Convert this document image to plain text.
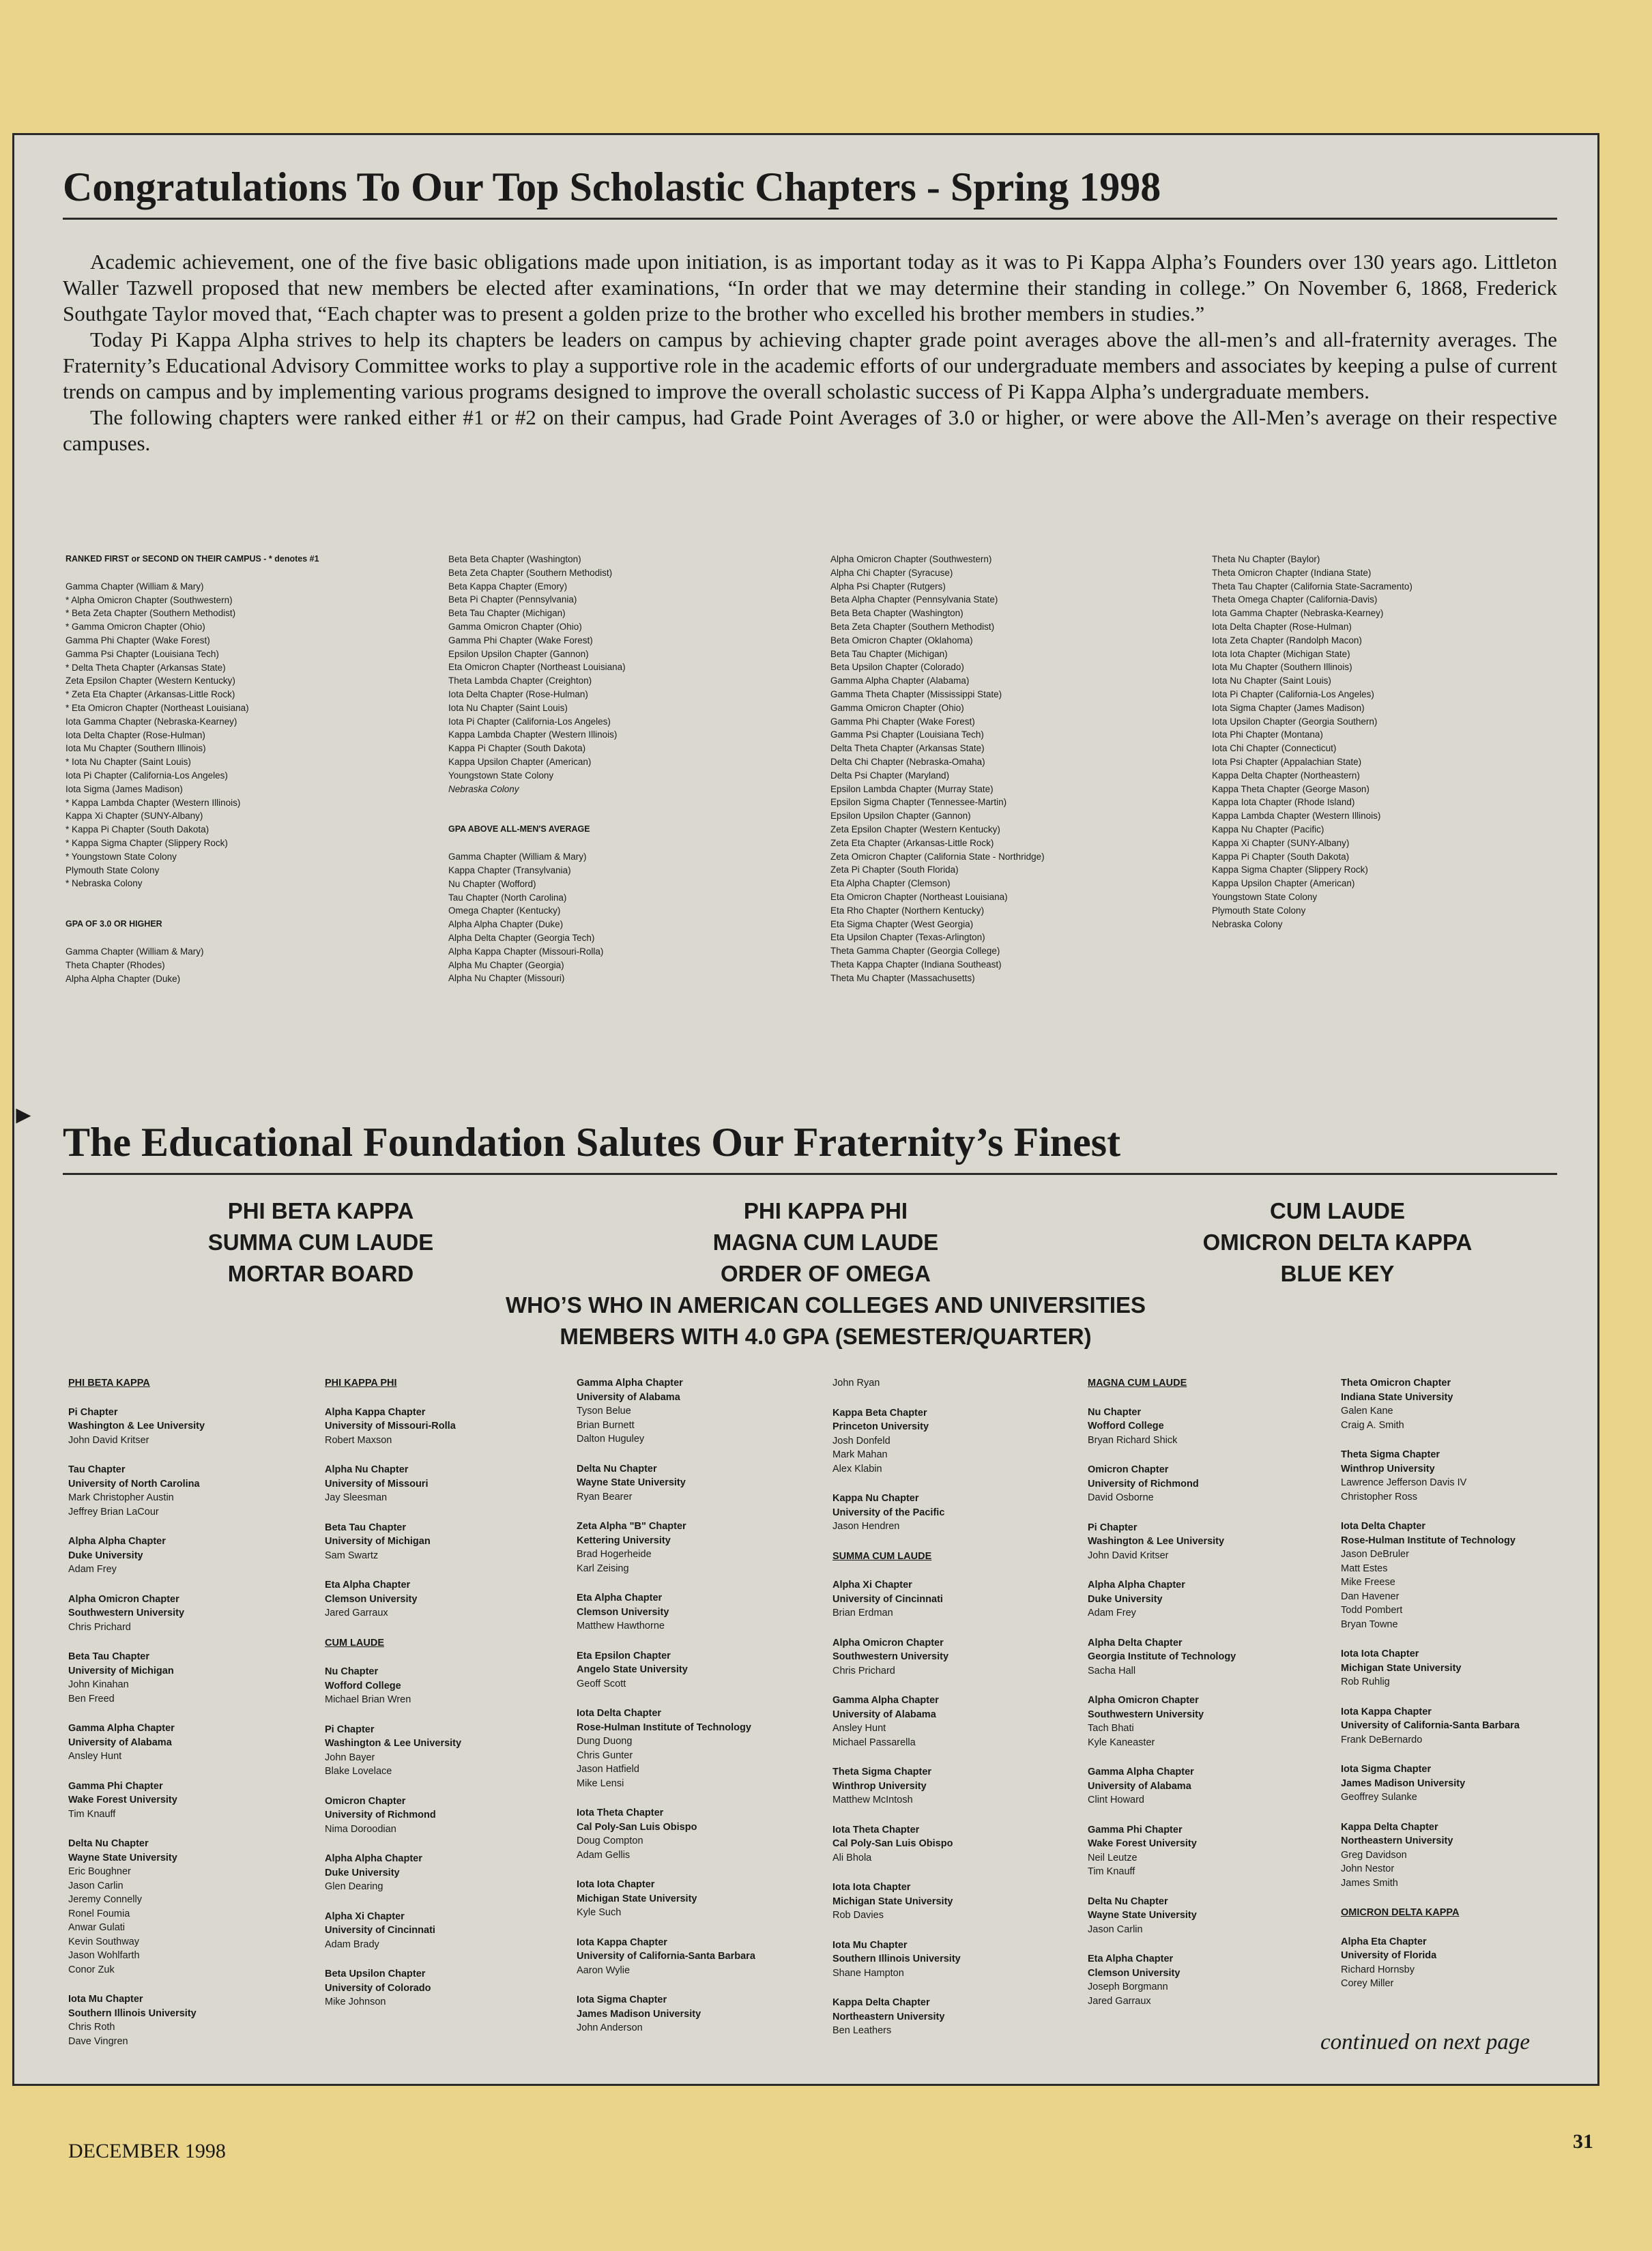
Congratulations To Our Top Scholastic Chapters - Spring 1998

Academic achievement, one of the five basic obligations made upon initiation, is as important today as it was to Pi Kappa Alpha’s Founders over 130 years ago. Littleton Waller Tazwell proposed that new members be elected after examinations, “In order that we may determine their standing in college.” On November 6, 1868, Frederick Southgate Taylor moved that, “Each chapter was to present a golden prize to the brother who excelled his brother members in studies.”

Today Pi Kappa Alpha strives to help its chapters be leaders on campus by achieving chapter grade point averages above the all-men’s and all-fraternity averages. The Fraternity’s Educational Advisory Committee works to play a supportive role in the academic efforts of our undergraduate members and associates by keeping a pulse of current trends on campus and by implementing various programs designed to improve the overall scholastic success of Pi Kappa Alpha’s undergraduate members.

The following chapters were ranked either #1 or #2 on their campus, had Grade Point Averages of 3.0 or higher, or were above the All-Men’s average on their respective campuses.

RANKED FIRST or SECOND ON THEIR CAMPUS - * denotes #1
Gamma Chapter (William & Mary)
* Alpha Omicron Chapter (Southwestern)
* Beta Zeta Chapter (Southern Methodist)
* Gamma Omicron Chapter (Ohio)
Gamma Phi Chapter (Wake Forest)
Gamma Psi Chapter (Louisiana Tech)
* Delta Theta Chapter (Arkansas State)
Zeta Epsilon Chapter (Western Kentucky)
* Zeta Eta Chapter (Arkansas-Little Rock)
* Eta Omicron Chapter (Northeast Louisiana)
Iota Gamma Chapter (Nebraska-Kearney)
Iota Delta Chapter (Rose-Hulman)
Iota Mu Chapter (Southern Illinois)
* Iota Nu Chapter (Saint Louis)
Iota Pi Chapter (California-Los Angeles)
Iota Sigma (James Madison)
* Kappa Lambda Chapter (Western Illinois)
Kappa Xi Chapter (SUNY-Albany)
* Kappa Pi Chapter (South Dakota)
* Kappa Sigma Chapter (Slippery Rock)
* Youngstown State Colony
Plymouth State Colony
* Nebraska Colony
GPA OF 3.0 OR HIGHER
Gamma Chapter (William & Mary)
Theta Chapter (Rhodes)
Alpha Alpha Chapter (Duke)
Beta Beta Chapter (Washington)
Beta Zeta Chapter (Southern Methodist)
Beta Kappa Chapter (Emory)
Beta Pi Chapter (Pennsylvania)
Beta Tau Chapter (Michigan)
Gamma Omicron Chapter (Ohio)
Gamma Phi Chapter (Wake Forest)
Epsilon Upsilon Chapter (Gannon)
Eta Omicron Chapter (Northeast Louisiana)
Theta Lambda Chapter (Creighton)
Iota Delta Chapter (Rose-Hulman)
Iota Nu Chapter (Saint Louis)
Iota Pi Chapter (California-Los Angeles)
Kappa Lambda Chapter (Western Illinois)
Kappa Pi Chapter (South Dakota)
Kappa Upsilon Chapter (American)
Youngstown State Colony
Nebraska Colony
GPA ABOVE ALL-MEN'S AVERAGE
Gamma Chapter (William & Mary)
Kappa Chapter (Transylvania)
Nu Chapter (Wofford)
Tau Chapter (North Carolina)
Omega Chapter (Kentucky)
Alpha Alpha Chapter (Duke)
Alpha Delta Chapter (Georgia Tech)
Alpha Kappa Chapter (Missouri-Rolla)
Alpha Mu Chapter (Georgia)
Alpha Nu Chapter (Missouri)
Alpha Omicron Chapter (Southwestern)
Alpha Chi Chapter (Syracuse)
Alpha Psi Chapter (Rutgers)
Beta Alpha Chapter (Pennsylvania State)
Beta Beta Chapter (Washington)
Beta Zeta Chapter (Southern Methodist)
Beta Omicron Chapter (Oklahoma)
Beta Tau Chapter (Michigan)
Beta Upsilon Chapter (Colorado)
Gamma Alpha Chapter (Alabama)
Gamma Theta Chapter (Mississippi State)
Gamma Omicron Chapter (Ohio)
Gamma Phi Chapter (Wake Forest)
Gamma Psi Chapter (Louisiana Tech)
Delta Theta Chapter (Arkansas State)
Delta Chi Chapter (Nebraska-Omaha)
Delta Psi Chapter (Maryland)
Epsilon Lambda Chapter (Murray State)
Epsilon Sigma Chapter (Tennessee-Martin)
Epsilon Upsilon Chapter (Gannon)
Zeta Epsilon Chapter (Western Kentucky)
Zeta Eta Chapter (Arkansas-Little Rock)
Zeta Omicron Chapter (California State - Northridge)
Zeta Pi Chapter (South Florida)
Eta Alpha Chapter (Clemson)
Eta Omicron Chapter (Northeast Louisiana)
Eta Rho Chapter (Northern Kentucky)
Eta Sigma Chapter (West Georgia)
Eta Upsilon Chapter (Texas-Arlington)
Theta Gamma Chapter (Georgia College)
Theta Kappa Chapter (Indiana Southeast)
Theta Mu Chapter (Massachusetts)
Theta Nu Chapter (Baylor)
Theta Omicron Chapter (Indiana State)
Theta Tau Chapter (California State-Sacramento)
Theta Omega Chapter (California-Davis)
Iota Gamma Chapter (Nebraska-Kearney)
Iota Delta Chapter (Rose-Hulman)
Iota Zeta Chapter (Randolph Macon)
Iota Iota Chapter (Michigan State)
Iota Mu Chapter (Southern Illinois)
Iota Nu Chapter (Saint Louis)
Iota Pi Chapter (California-Los Angeles)
Iota Sigma Chapter (James Madison)
Iota Upsilon Chapter (Georgia Southern)
Iota Phi Chapter (Montana)
Iota Chi Chapter (Connecticut)
Iota Psi Chapter (Appalachian State)
Kappa Delta Chapter (Northeastern)
Kappa Theta Chapter (George Mason)
Kappa Iota Chapter (Rhode Island)
Kappa Lambda Chapter (Western Illinois)
Kappa Nu Chapter (Pacific)
Kappa Xi Chapter (SUNY-Albany)
Kappa Pi Chapter (South Dakota)
Kappa Sigma Chapter (Slippery Rock)
Kappa Upsilon Chapter (American)
Youngstown State Colony
Plymouth State Colony
Nebraska Colony
▸
The Educational Foundation Salutes Our Fraternity’s Finest
PHI BETA KAPPA
SUMMA CUM LAUDE
MORTAR BOARD
PHI KAPPA PHI
MAGNA CUM LAUDE
ORDER OF OMEGA
WHO’S WHO IN AMERICAN COLLEGES AND UNIVERSITIES
MEMBERS WITH 4.0 GPA (SEMESTER/QUARTER)
CUM LAUDE
OMICRON DELTA KAPPA
BLUE KEY
PHI BETA KAPPA
Pi Chapter
Washington & Lee University
John David Kritser
Tau Chapter
University of North Carolina
Mark Christopher Austin
Jeffrey Brian LaCour
Alpha Alpha Chapter
Duke University
Adam Frey
Alpha Omicron Chapter
Southwestern University
Chris Prichard
Beta Tau Chapter
University of Michigan
John Kinahan
Ben Freed
Gamma Alpha Chapter
University of Alabama
Ansley Hunt
Gamma Phi Chapter
Wake Forest University
Tim Knauff
Delta Nu Chapter
Wayne State University
Eric Boughner
Jason Carlin
Jeremy Connelly
Ronel Foumia
Anwar Gulati
Kevin Southway
Jason Wohlfarth
Conor Zuk
Iota Mu Chapter
Southern Illinois University
Chris Roth
Dave Vingren
PHI KAPPA PHI
Alpha Kappa Chapter
University of Missouri-Rolla
Robert Maxson
Alpha Nu Chapter
University of Missouri
Jay Sleesman
Beta Tau Chapter
University of Michigan
Sam Swartz
Eta Alpha Chapter
Clemson University
Jared Garraux
CUM LAUDE
Nu Chapter
Wofford College
Michael Brian Wren
Pi Chapter
Washington & Lee University
John Bayer
Blake Lovelace
Omicron Chapter
University of Richmond
Nima Doroodian
Alpha Alpha Chapter
Duke University
Glen Dearing
Alpha Xi Chapter
University of Cincinnati
Adam Brady
Beta Upsilon Chapter
University of Colorado
Mike Johnson
Gamma Alpha Chapter
University of Alabama
Tyson Belue
Brian Burnett
Dalton Huguley
Delta Nu Chapter
Wayne State University
Ryan Bearer
Zeta Alpha "B" Chapter
Kettering University
Brad Hogerheide
Karl Zeising
Eta Alpha Chapter
Clemson University
Matthew Hawthorne
Eta Epsilon Chapter
Angelo State University
Geoff Scott
Iota Delta Chapter
Rose-Hulman Institute of Technology
Dung Duong
Chris Gunter
Jason Hatfield
Mike Lensi
Iota Theta Chapter
Cal Poly-San Luis Obispo
Doug Compton
Adam Gellis
Iota Iota Chapter
Michigan State University
Kyle Such
Iota Kappa Chapter
University of California-Santa Barbara
Aaron Wylie
Iota Sigma Chapter
James Madison University
John Anderson
John Ryan
Kappa Beta Chapter
Princeton University
Josh Donfeld
Mark Mahan
Alex Klabin
Kappa Nu Chapter
University of the Pacific
Jason Hendren
SUMMA CUM LAUDE
Alpha Xi Chapter
University of Cincinnati
Brian Erdman
Alpha Omicron Chapter
Southwestern University
Chris Prichard
Gamma Alpha Chapter
University of Alabama
Ansley Hunt
Michael Passarella
Theta Sigma Chapter
Winthrop University
Matthew McIntosh
Iota Theta Chapter
Cal Poly-San Luis Obispo
Ali Bhola
Iota Iota Chapter
Michigan State University
Rob Davies
Iota Mu Chapter
Southern Illinois University
Shane Hampton
Kappa Delta Chapter
Northeastern University
Ben Leathers
MAGNA CUM LAUDE
Nu Chapter
Wofford College
Bryan Richard Shick
Omicron Chapter
University of Richmond
David Osborne
Pi Chapter
Washington & Lee University
John David Kritser
Alpha Alpha Chapter
Duke University
Adam Frey
Alpha Delta Chapter
Georgia Institute of Technology
Sacha Hall
Alpha Omicron Chapter
Southwestern University
Tach Bhati
Kyle Kaneaster
Gamma Alpha Chapter
University of Alabama
Clint Howard
Gamma Phi Chapter
Wake Forest University
Neil Leutze
Tim Knauff
Delta Nu Chapter
Wayne State University
Jason Carlin
Eta Alpha Chapter
Clemson University
Joseph Borgmann
Jared Garraux
Theta Omicron Chapter
Indiana State University
Galen Kane
Craig A. Smith
Theta Sigma Chapter
Winthrop University
Lawrence Jefferson Davis IV
Christopher Ross
Iota Delta Chapter
Rose-Hulman Institute of Technology
Jason DeBruler
Matt Estes
Mike Freese
Dan Havener
Todd Pombert
Bryan Towne
Iota Iota Chapter
Michigan State University
Rob Ruhlig
Iota Kappa Chapter
University of California-Santa Barbara
Frank DeBernardo
Iota Sigma Chapter
James Madison University
Geoffrey Sulanke
Kappa Delta Chapter
Northeastern University
Greg Davidson
John Nestor
James Smith
OMICRON DELTA KAPPA
Alpha Eta Chapter
University of Florida
Richard Hornsby
Corey Miller
continued on next page
DECEMBER 1998	31
